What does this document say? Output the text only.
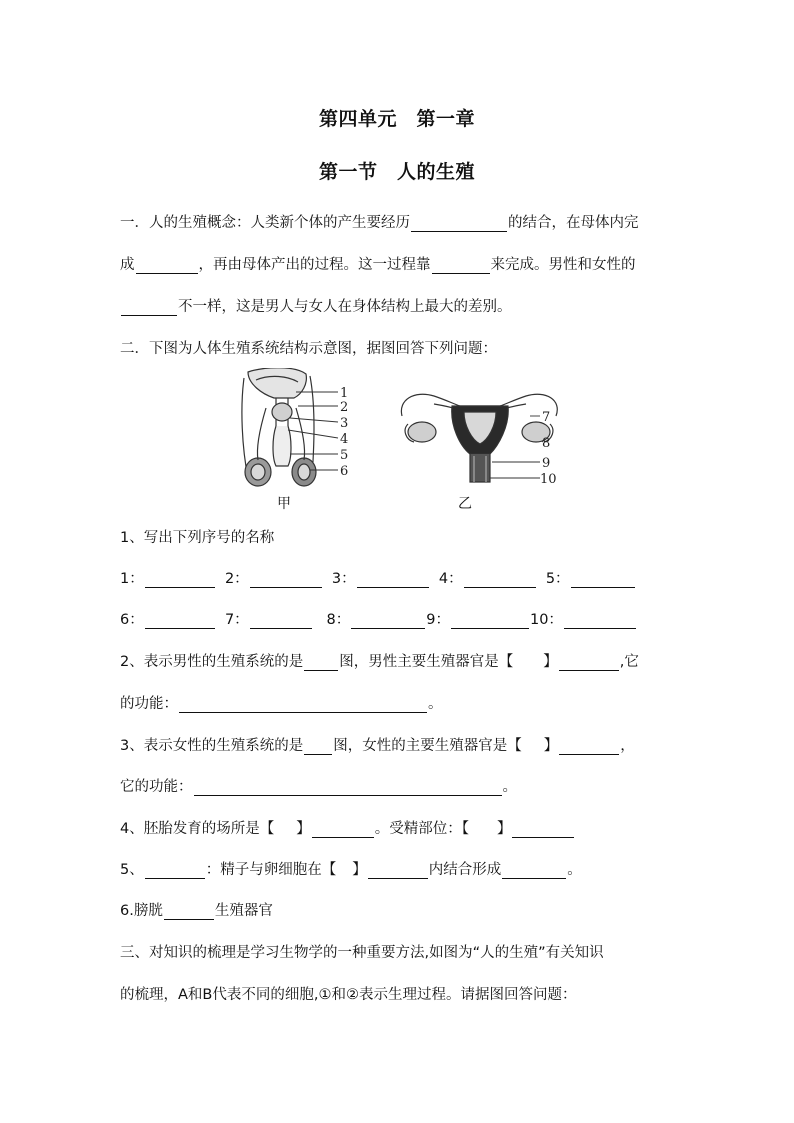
第四单元　第一章
第一节　人的生殖
一．人的生殖概念：人类新个体的产生要经历	的结合，在母体内完
成	，再由母体产出的过程。这一过程靠	来完成。男性和女性的
不一样，这是男人与女人在身体结构上最大的差别。
二．下图为人体生殖系统结构示意图，据图回答下列问题：
1
2
3
4
5
6
甲
7
8
9
10
乙
1、写出下列序号的名称
1：	2：	3：	4：	5：
6：	7：	8：	9：	10：
2、表示男性的生殖系统的是 图，男性主要生殖器官是【 】	,它
的功能：	。
3、表示女性的生殖系统的是 图，女性的主要生殖器官是【 】	，
它的功能：	。
4、胚胎发育的场所是【 】	。受精部位：【 】
5、	：精子与卵细胞在【 】	内结合形成	。
6.膀胱	生殖器官
三、对知识的梳理是学习生物学的一种重要方法,如图为“人的生殖”有关知识
的梳理，A和B代表不同的细胞,①和②表示生理过程。请据图回答问题：
